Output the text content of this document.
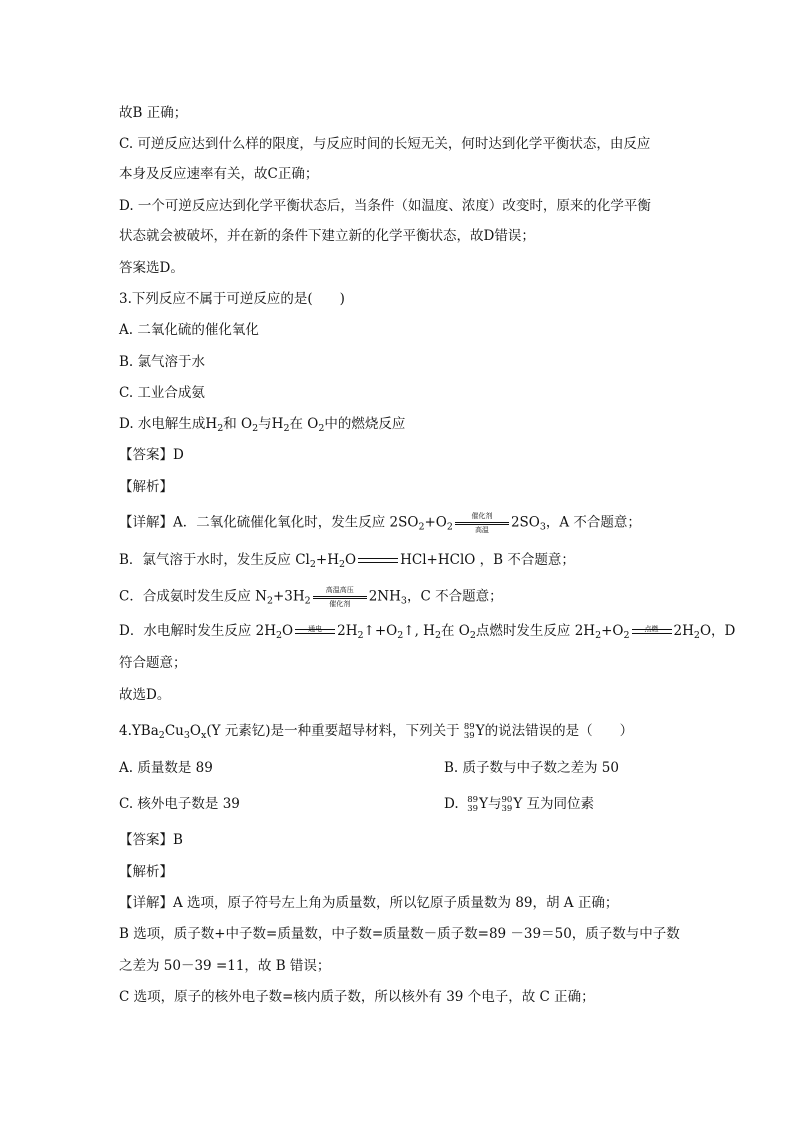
故B 正确；
C. 可逆反应达到什么样的限度，与反应时间的长短无关，何时达到化学平衡状态，由反应
本身及反应速率有关，故C正确；
D. 一个可逆反应达到化学平衡状态后，当条件（如温度、浓度）改变时，原来的化学平衡
状态就会被破坏，并在新的条件下建立新的化学平衡状态，故D错误；
答案选D。
3.下列反应不属于可逆反应的是(　　)
A. 二氧化硫的催化氧化
B. 氯气溶于水
C. 工业合成氨
D. 水电解生成$H_2$和 $O_2$与$H_2$在 $O_2$中的燃烧反应
【答案】D
【解析】
【详解】A．二氧化硫催化氧化时，发生反应 $2SO_2+O_2$
催化剂
高温	$2SO_3$，A 不合题意；
B．氯气溶于水时，发生反应 $Cl_2+H_2O$	HCl+HClO ，B 不合题意；
C．合成氨时发生反应 $N_2+3H_2$
高温高压
催化剂	$2NH_3$，C 不合题意；
D．水电解时发生反应 $2H_2O$	通电	$2H_2↑+O_2↑$, $H_2$在 $O_2$点燃时发生反应 $2H_2+O_2$
点燃	$2H_2O$，D
符合题意；
故选D。
$4.YBa_2Cu_3O_x(Y$ 元素钇)是一种重要超导材料，下列关于 89
39 Y的说法错误的是（　　）
A. 质量数是 89	B. 质子数与中子数之差为 50
C. 核外电子数是 39	D. 89
39 Y与 90
39 Y 互为同位素
【答案】B
【解析】
【详解】A 选项，原子符号左上角为质量数，所以钇原子质量数为 89，胡 A 正确；
B 选项，质子数+中子数=质量数，中子数=质量数－质子数=89 －39＝50，质子数与中子数
之差为 50－39 =11，故 B 错误；
C 选项，原子的核外电子数=核内质子数，所以核外有 39 个电子，故 C 正确；
